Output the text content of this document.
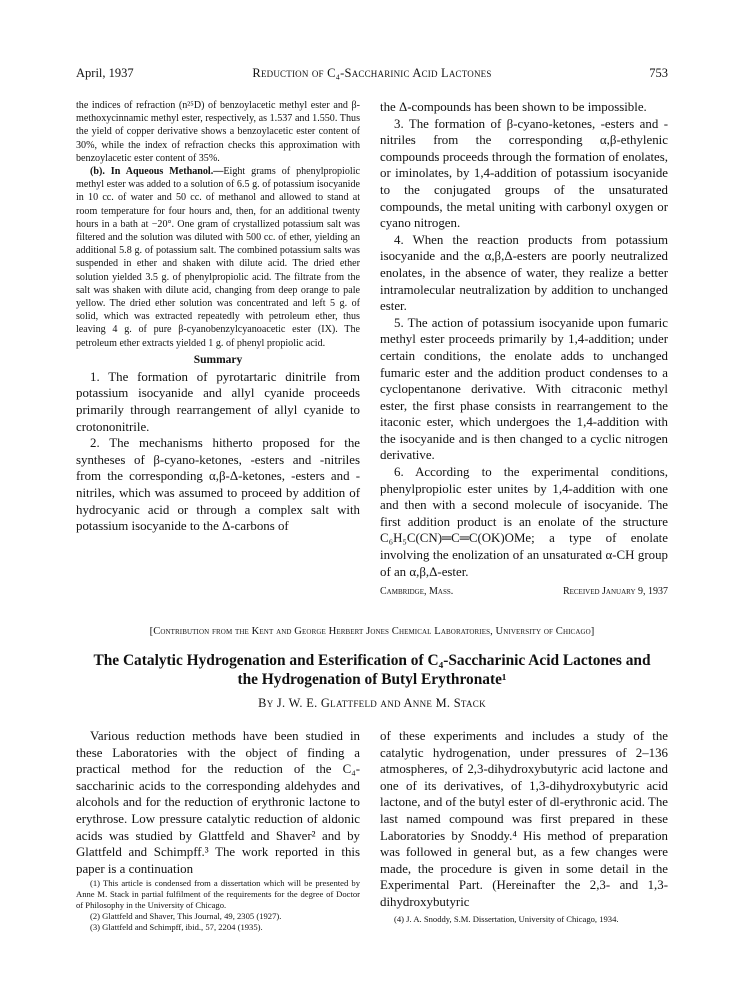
April, 1937	Reduction of C₄-Saccharinic Acid Lactones	753

the indices of refraction (n²⁵D) of benzoylacetic methyl ester and β-methoxycinnamic methyl ester, respectively, as 1.537 and 1.550. Thus the yield of copper derivative shows a benzoylacetic ester content of 30%, while the index of refraction checks this approximation with benzoylacetic ester content of 35%.

(b). In Aqueous Methanol.—Eight grams of phenylpropiolic methyl ester was added to a solution of 6.5 g. of potassium isocyanide in 10 cc. of water and 50 cc. of methanol and allowed to stand at room temperature for four hours and, then, for an additional twenty hours in a bath at −20°. One gram of crystallized potassium salt was filtered and the solution was diluted with 500 cc. of ether, yielding an additional 5.8 g. of potassium salt. The combined potassium salts was suspended in ether and shaken with dilute acid. The dried ether solution yielded 3.5 g. of phenylpropiolic acid. The filtrate from the salt was shaken with dilute acid, changing from deep orange to pale yellow. The dried ether solution was concentrated and left 5 g. of solid, which was extracted repeatedly with petroleum ether, thus leaving 4 g. of pure β-cyanobenzylcyanoacetic ester (IX). The petroleum ether extracts yielded 1 g. of phenyl propiolic acid.

Summary

1. The formation of pyrotartaric dinitrile from potassium isocyanide and allyl cyanide proceeds primarily through rearrangement of allyl cyanide to crotononitrile.

2. The mechanisms hitherto proposed for the syntheses of β-cyano-ketones, -esters and -nitriles from the corresponding α,β-Δ-ketones, -esters and -nitriles, which was assumed to proceed by addition of hydrocyanic acid or through a complex salt with potassium isocyanide to the Δ-carbons of

the Δ-compounds has been shown to be impossible.

3. The formation of β-cyano-ketones, -esters and -nitriles from the corresponding α,β-ethylenic compounds proceeds through the formation of enolates, or iminolates, by 1,4-addition of potassium isocyanide to the conjugated groups of the unsaturated compounds, the metal uniting with carbonyl oxygen or cyano nitrogen.

4. When the reaction products from potassium isocyanide and the α,β,Δ-esters are poorly neutralized enolates, in the absence of water, they realize a better intramolecular neutralization by addition to unchanged ester.

5. The action of potassium isocyanide upon fumaric methyl ester proceeds primarily by 1,4-addition; under certain conditions, the enolate adds to unchanged fumaric ester and the addition product condenses to a cyclopentanone derivative. With citraconic methyl ester, the first phase consists in rearrangement to the itaconic ester, which undergoes the 1,4-addition with the isocyanide and is then changed to a cyclic nitrogen derivative.

6. According to the experimental conditions, phenylpropiolic ester unites by 1,4-addition with one and then with a second molecule of isocyanide. The first addition product is an enolate of the structure C₆H₅C(CN)═C═C(OK)OMe; a type of enolate involving the enolization of an unsaturated α-CH group of an α,β,Δ-ester.

Cambridge, Mass.	Received January 9, 1937
[Contribution from the Kent and George Herbert Jones Chemical Laboratories, University of Chicago]
The Catalytic Hydrogenation and Esterification of C₄-Saccharinic Acid Lactones and
the Hydrogenation of Butyl Erythronate¹
By J. W. E. Glattfeld and Anne M. Stack

Various reduction methods have been studied in these Laboratories with the object of finding a practical method for the reduction of the C₄-saccharinic acids to the corresponding aldehydes and alcohols and for the reduction of erythronic lactone to erythrose. Low pressure catalytic reduction of aldonic acids was studied by Glattfeld and Shaver² and by Glattfeld and Schimpff.³ The work reported in this paper is a continuation

(1) This article is condensed from a dissertation which will be presented by Anne M. Stack in partial fulfilment of the requirements for the degree of Doctor of Philosophy in the University of Chicago.

(2) Glattfeld and Shaver, This Journal, 49, 2305 (1927).

(3) Glattfeld and Schimpff, ibid., 57, 2204 (1935).

of these experiments and includes a study of the catalytic hydrogenation, under pressures of 2–136 atmospheres, of 2,3-dihydroxybutyric acid lactone and one of its derivatives, of 1,3-dihydroxybutyric acid lactone, and of the butyl ester of dl-erythronic acid. The last named compound was first prepared in these Laboratories by Snoddy.⁴ His method of preparation was followed in general but, as a few changes were made, the procedure is given in some detail in the Experimental Part. (Hereinafter the 2,3- and 1,3-dihydroxybutyric

(4) J. A. Snoddy, S.M. Dissertation, University of Chicago, 1934.
